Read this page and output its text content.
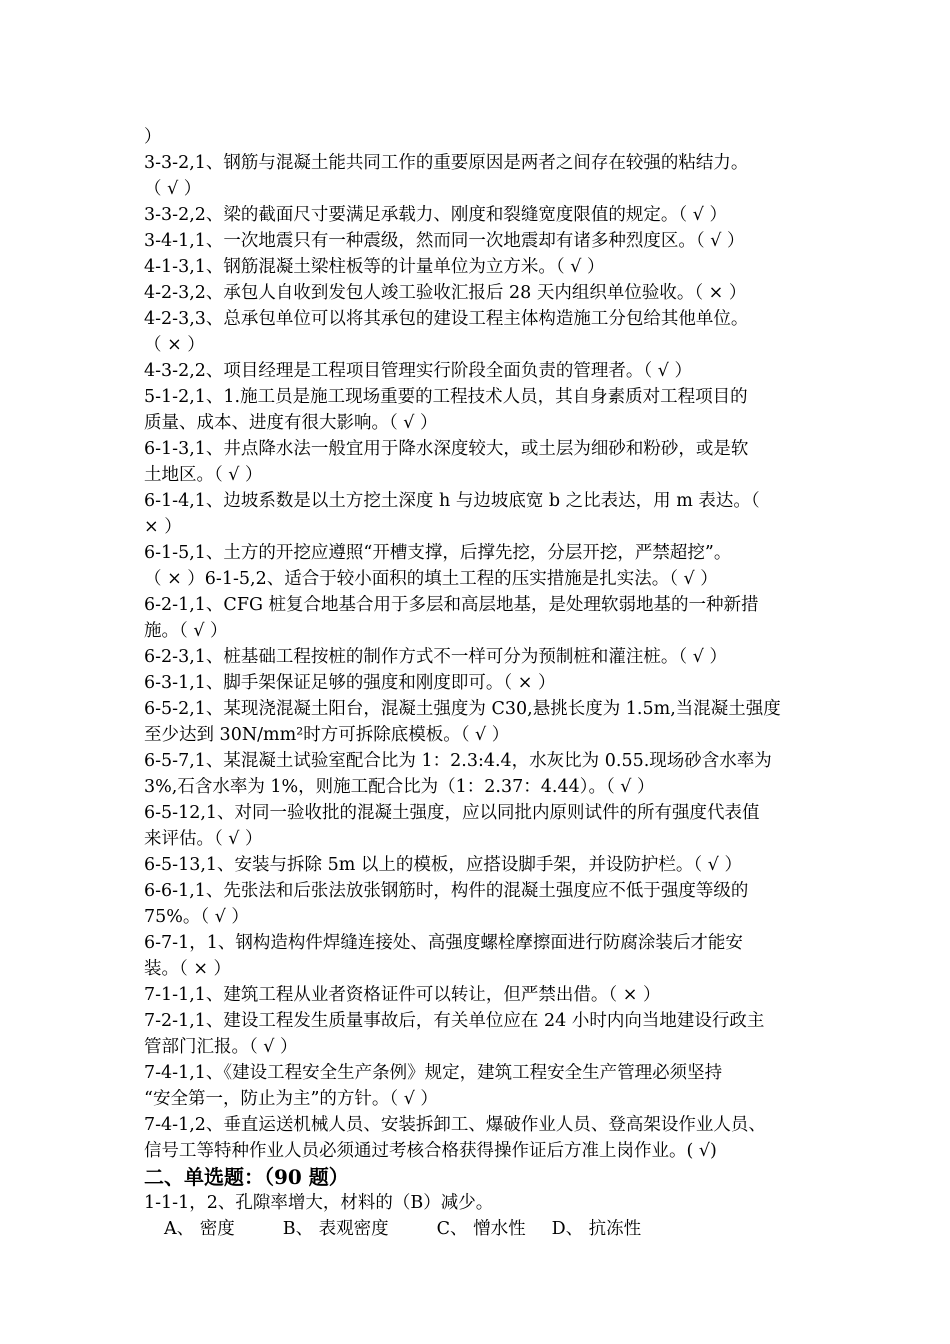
）
3-3-2,1、钢筋与混凝土能共同工作的重要原因是两者之间存在较强的粘结力。
（ √ ）
3-3-2,2、梁的截面尺寸要满足承载力、刚度和裂缝宽度限值的规定。（ √ ）
3-4-1,1、一次地震只有一种震级，然而同一次地震却有诸多种烈度区。（ √ ）
4-1-3,1、钢筋混凝土梁柱板等的计量单位为立方米。（ √ ）
4-2-3,2、承包人自收到发包人竣工验收汇报后 28 天内组织单位验收。（ × ）
4-2-3,3、总承包单位可以将其承包的建设工程主体构造施工分包给其他单位。
（ × ）
4-3-2,2、项目经理是工程项目管理实行阶段全面负责的管理者。（ √ ）
5-1-2,1、1.施工员是施工现场重要的工程技术人员，其自身素质对工程项目的
质量、成本、进度有很大影响。（ √ ）
6-1-3,1、井点降水法一般宜用于降水深度较大，或土层为细砂和粉砂，或是软
土地区。（ √ ）
6-1-4,1、边坡系数是以土方挖土深度 h 与边坡底宽 b 之比表达，用 m 表达。（
× ）
6-1-5,1、土方的开挖应遵照“开槽支撑，后撑先挖，分层开挖，严禁超挖”。
（ × ）6-1-5,2、适合于较小面积的填土工程的压实措施是扎实法。（ √ ）
6-2-1,1、CFG 桩复合地基合用于多层和高层地基，是处理软弱地基的一种新措
施。（ √ ）
6-2-3,1、桩基础工程按桩的制作方式不一样可分为预制桩和灌注桩。（ √ ）
6-3-1,1、脚手架保证足够的强度和刚度即可。（ × ）
6-5-2,1、某现浇混凝土阳台，混凝土强度为 C30,悬挑长度为 1.5m,当混凝土强度
至少达到 30N/mm²时方可拆除底模板。（ √ ）
6-5-7,1、某混凝土试验室配合比为 1：2.3:4.4，水灰比为 0.55.现场砂含水率为
3%,石含水率为 1%，则施工配合比为（1：2.37：4.44）。（ √ ）
6-5-12,1、对同一验收批的混凝土强度，应以同批内原则试件的所有强度代表值
来评估。（ √ ）
6-5-13,1、安装与拆除 5m 以上的模板，应搭设脚手架，并设防护栏。（ √ ）
6-6-1,1、先张法和后张法放张钢筋时，构件的混凝土强度应不低于强度等级的
75%。（ √ ）
6-7-1，1、钢构造构件焊缝连接处、高强度螺栓摩擦面进行防腐涂装后才能安
装。（ × ）
7-1-1,1、建筑工程从业者资格证件可以转让，但严禁出借。（ × ）
7-2-1,1、建设工程发生质量事故后，有关单位应在 24 小时内向当地建设行政主
管部门汇报。（ √ ）
7-4-1,1、《建设工程安全生产条例》规定，建筑工程安全生产管理必须坚持
“安全第一，防止为主”的方针。（ √ ）
7-4-1,2、垂直运送机械人员、安装拆卸工、爆破作业人员、登高架设作业人员、
信号工等特种作业人员必须通过考核合格获得操作证后方准上岗作业。( √)
二、单选题：（90 题）
1-1-1，2、孔隙率增大，材料的（B）减少。
A、 密度	B、 表观密度	C、 憎水性 D、 抗冻性
